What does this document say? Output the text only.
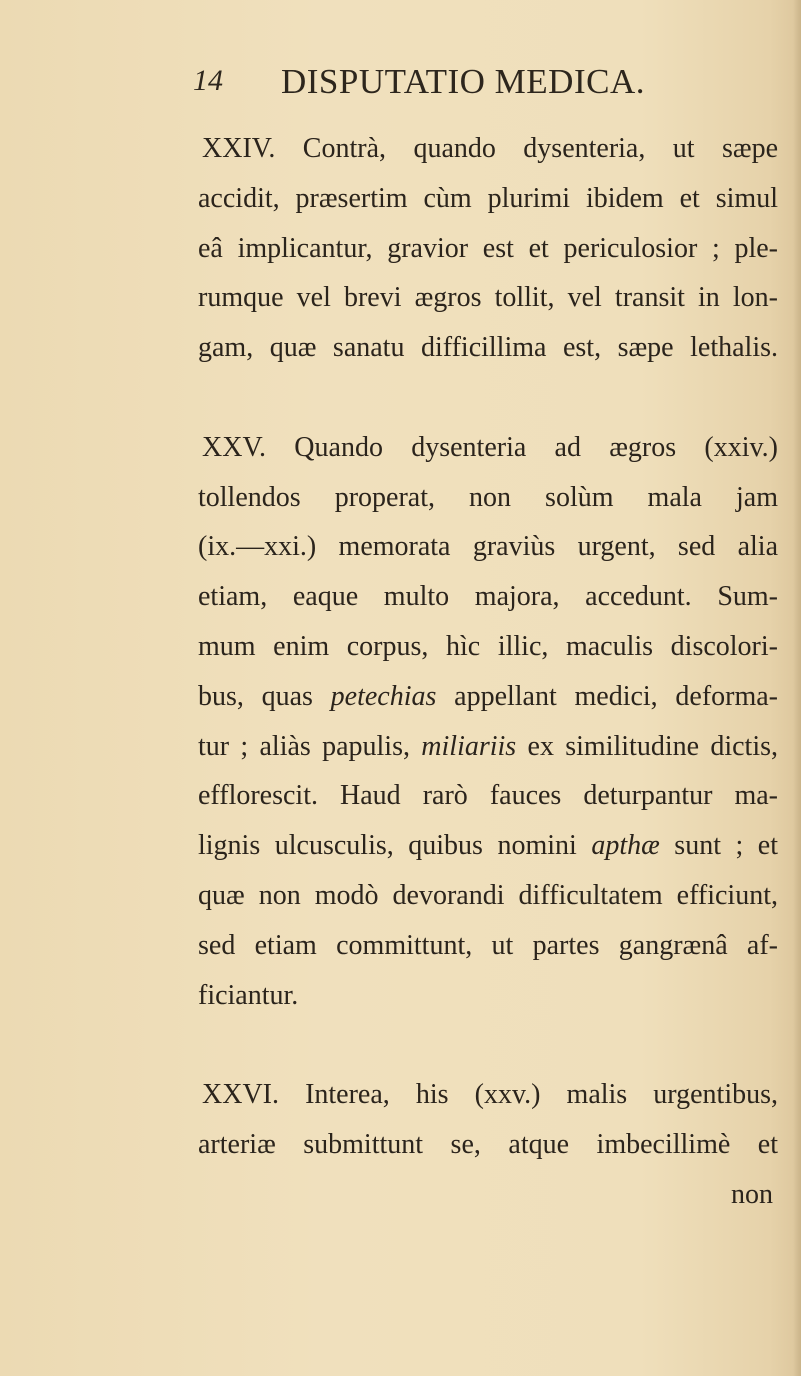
14 DISPUTATIO MEDICA.
XXIV. Contrà, quando dysenteria, ut sæpe
accidit, præsertim cùm plurimi ibidem et simul
eâ implicantur, gravior est et periculosior ; ple-
rumque vel brevi ægros tollit, vel transit in lon-
gam, quæ sanatu difficillima est, sæpe lethalis.
XXV. Quando dysenteria ad ægros (xxiv.)
tollendos properat, non solùm mala jam
(ix.—xxi.) memorata graviùs urgent, sed alia
etiam, eaque multo majora, accedunt. Sum-
mum enim corpus, hìc illic, maculis discolori-
bus, quas petechias appellant medici, deforma-
tur ; aliàs papulis, miliariis ex similitudine dictis,
efflorescit. Haud rarò fauces deturpantur ma-
lignis ulcusculis, quibus nomini apthæ sunt ; et
quæ non modò devorandi difficultatem efficiunt,
sed etiam committunt, ut partes gangrænâ af-
ficiantur.
XXVI. Interea, his (xxv.) malis urgentibus,
arteriæ submittunt se, atque imbecillimè et
non
